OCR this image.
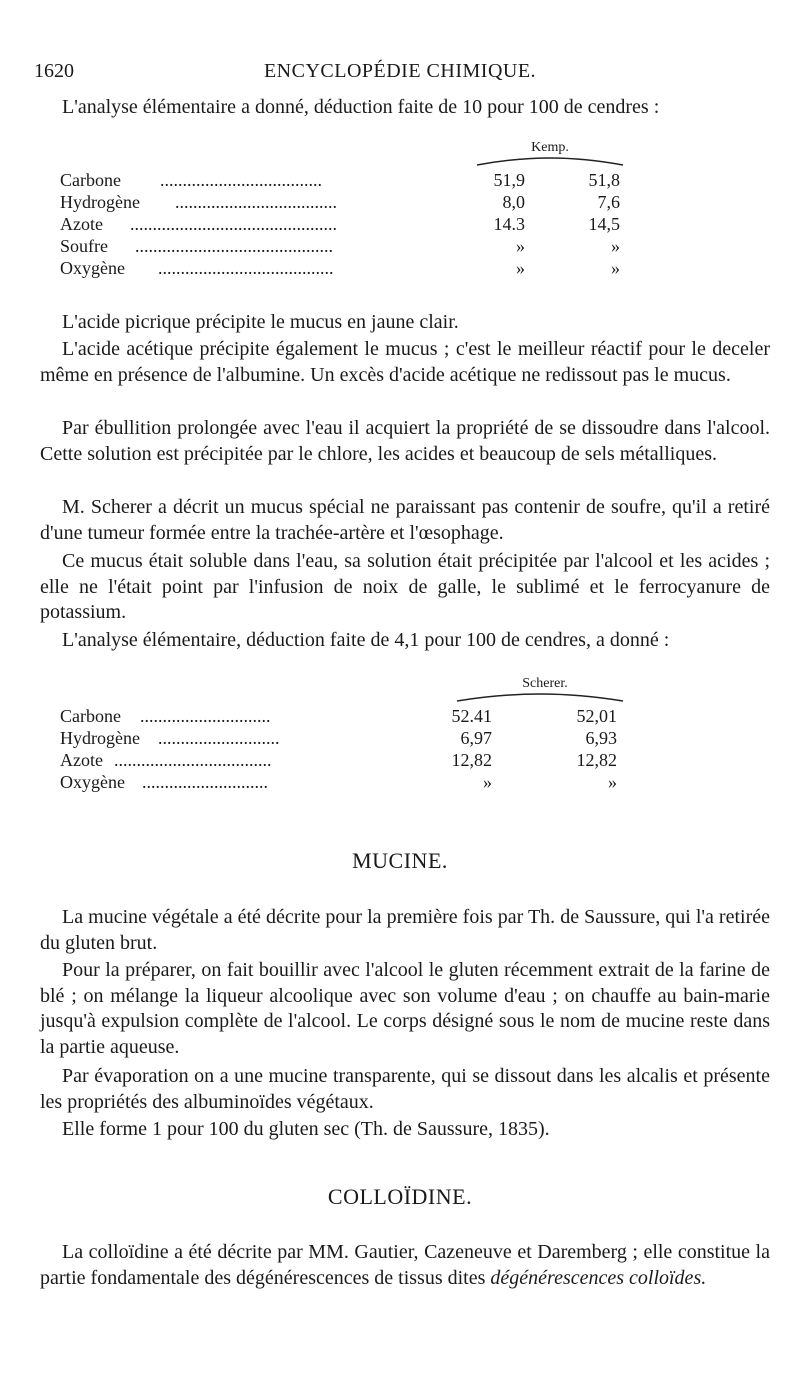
1620	ENCYCLOPÉDIE CHIMIQUE.

L'analyse élémentaire a donné, déduction faite de 10 pour 100 de cendres :

Kemp.
Carbone	....................................	51,9	51,8
Hydrogène	....................................	8,0	7,6
Azote	..............................................	14.3	14,5
Soufre	............................................	»	»
Oxygène	.......................................	»	»

L'acide picrique précipite le mucus en jaune clair.

L'acide acétique précipite également le mucus ; c'est le meilleur réactif pour le deceler même en présence de l'albumine. Un excès d'acide acétique ne redissout pas le mucus.

Par ébullition prolongée avec l'eau il acquiert la propriété de se dissoudre dans l'alcool. Cette solution est précipitée par le chlore, les acides et beaucoup de sels métalliques.

M. Scherer a décrit un mucus spécial ne paraissant pas contenir de soufre, qu'il a retiré d'une tumeur formée entre la trachée-artère et l'œsophage.

Ce mucus était soluble dans l'eau, sa solution était précipitée par l'alcool et les acides ; elle ne l'était point par l'infusion de noix de galle, le sublimé et le ferrocyanure de potassium.

L'analyse élémentaire, déduction faite de 4,1 pour 100 de cendres, a donné :

Scherer.
Carbone	.............................	52.41	52,01
Hydrogène	...........................	6,97	6,93
Azote ...................................	12,82	12,82
Oxygène ............................	»	»
MUCINE.

La mucine végétale a été décrite pour la première fois par Th. de Saussure, qui l'a retirée du gluten brut.

Pour la préparer, on fait bouillir avec l'alcool le gluten récemment extrait de la farine de blé ; on mélange la liqueur alcoolique avec son volume d'eau ; on chauffe au bain-marie jusqu'à expulsion complète de l'alcool. Le corps désigné sous le nom de mucine reste dans la partie aqueuse.

Par évaporation on a une mucine transparente, qui se dissout dans les alcalis et présente les propriétés des albuminoïdes végétaux.

Elle forme 1 pour 100 du gluten sec (Th. de Saussure, 1835).

COLLOÏDINE.

La colloïdine a été décrite par MM. Gautier, Cazeneuve et Daremberg ; elle constitue la partie fondamentale des dégénérescences de tissus dites dégénérescences colloïdes.
